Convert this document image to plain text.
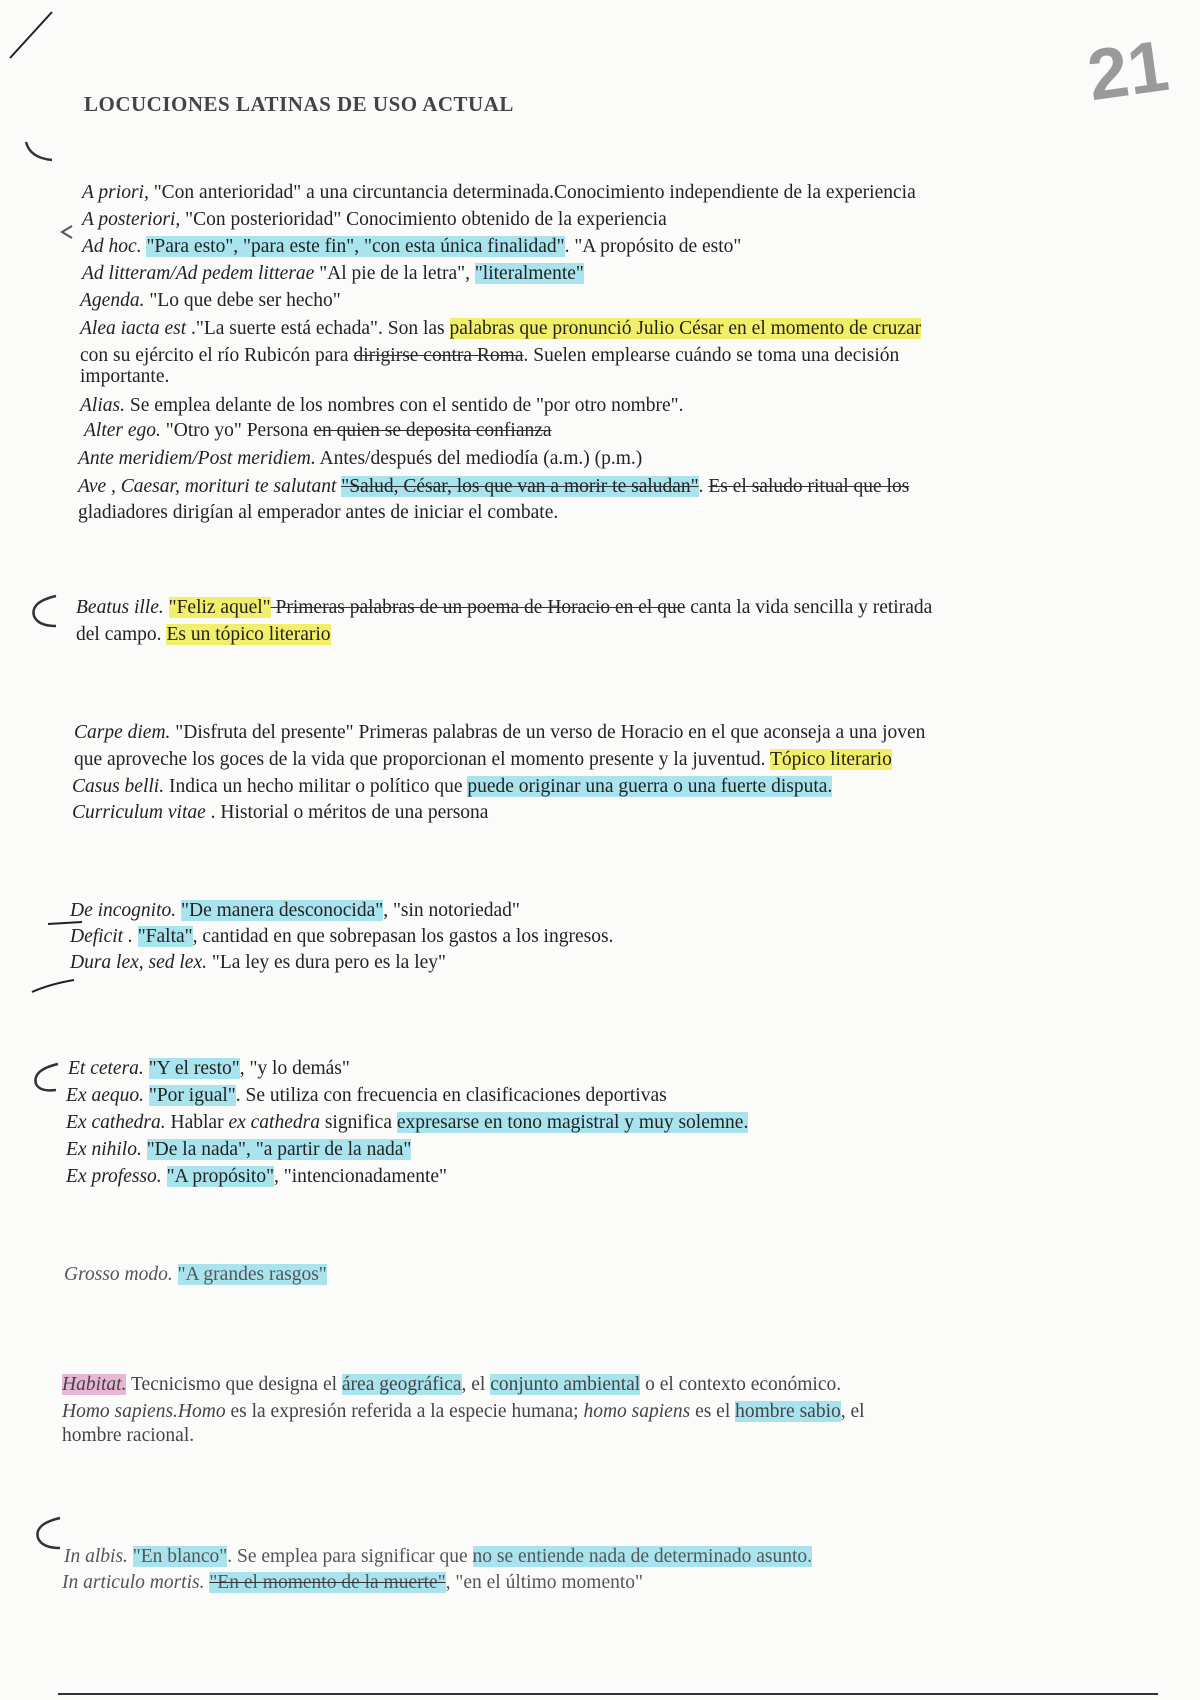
LOCUCIONES LATINAS DE USO ACTUAL	21
A priori, "Con anterioridad" a una circuntancia determinada.Conocimiento independiente de la experiencia
A posteriori, "Con posterioridad" Conocimiento obtenido de la experiencia
Ad hoc. "Para esto", "para este fin", "con esta única finalidad". "A propósito de esto"
Ad litteram/Ad pedem litterae "Al pie de la letra", "literalmente"
Agenda. "Lo que debe ser hecho"
Alea iacta est ."La suerte está echada". Son las palabras que pronunció Julio César en el momento de cruzar
con su ejército el río Rubicón para dirigirse contra Roma. Suelen emplearse cuándo se toma una decisión
importante.
Alias. Se emplea delante de los nombres con el sentido de "por otro nombre".
Alter ego. "Otro yo" Persona en quien se deposita confianza
Ante meridiem/Post meridiem. Antes/después del mediodía (a.m.) (p.m.)
Ave , Caesar, morituri te salutant "Salud, César, los que van a morir te saludan". Es el saludo ritual que los
gladiadores dirigían al emperador antes de iniciar el combate.
Beatus ille. "Feliz aquel" Primeras palabras de un poema de Horacio en el que canta la vida sencilla y retirada
del campo. Es un tópico literario
Carpe diem. "Disfruta del presente" Primeras palabras de un verso de Horacio en el que aconseja a una joven
que aproveche los goces de la vida que proporcionan el momento presente y la juventud. Tópico literario
Casus belli. Indica un hecho militar o político que puede originar una guerra o una fuerte disputa.
Curriculum vitae . Historial o méritos de una persona
De incognito. "De manera desconocida", "sin notoriedad"
Deficit . "Falta", cantidad en que sobrepasan los gastos a los ingresos.
Dura lex, sed lex. "La ley es dura pero es la ley"
Et cetera. "Y el resto", "y lo demás"
Ex aequo. "Por igual". Se utiliza con frecuencia en clasificaciones deportivas
Ex cathedra. Hablar ex cathedra significa expresarse en tono magistral y muy solemne.
Ex nihilo. "De la nada", "a partir de la nada"
Ex professo. "A propósito", "intencionadamente"
Grosso modo. "A grandes rasgos"
Habitat. Tecnicismo que designa el área geográfica, el conjunto ambiental o el contexto económico.
Homo sapiens.Homo es la expresión referida a la especie humana; homo sapiens es el hombre sabio, el
hombre racional.
In albis. "En blanco". Se emplea para significar que no se entiende nada de determinado asunto.
In articulo mortis. "En el momento de la muerte", "en el último momento"
